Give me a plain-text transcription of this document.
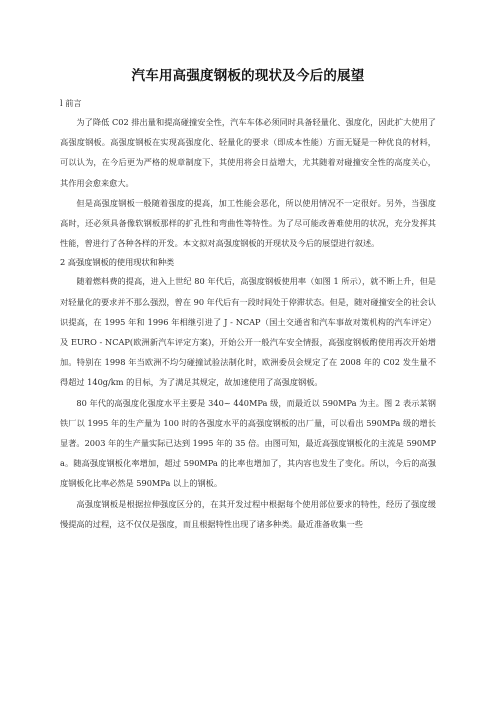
汽车用高强度钢板的现状及今后的展望
l 前言

为了降低 C02 排出量和提高碰撞安全性，汽车车体必须同时具备轻量化、强度化，因此扩大使用了高强度钢板。高强度钢板在实现高强度化、轻量化的要求（即成本性能）方面无疑是一种优良的材料，可以认为，在今后更为严格的规章制度下，其使用将会日益增大，尤其随着对碰撞安全性的高度关心，其作用会愈来愈大。

但是高强度钢板一般随着强度的提高，加工性能会恶化，所以使用情况不一定很好。另外，当强度高时，还必须具备像软钢板那样的扩孔性和弯曲性等特性。为了尽可能改善难使用的状况，充分发挥其性能，曾进行了各种各样的开发。本文拟对高强度钢板的开现状及今后的展望进行叙述。

2 高强度钢板的使用现状和种类

随着燃料费的提高，进入上世纪 80 年代后，高强度钢板使用率（如图 1 所示），就不断上升，但是对轻量化的要求并不那么强烈，曾在 90 年代后有一段时间处于停滞状态。但是，随对碰撞安全的社会认识提高，在 1995 年和 1996 年相继引进了 J - NCAP（国土交通省和汽车事故对策机构的汽车评定）及 EURO - NCAP(欧洲新汽车评定方案)，开始公开一般汽车安全情报，高强度钢板酌使用再次开始增加。特别在 1998 年当欧洲不均匀碰撞试验法制化时，欧洲委员会规定了在 2008 年的 C02 发生量不得超过 140g/km 的目标，为了满足其规定，故加速使用了高强度钢板。

80 年代的高强度化强度水平主要是 340~ 440MPa 级，而最近以 590MPa 为主。图 2 表示某钢铁厂以 1995 年的生产量为 100 时的各强度水平的高强度钢板的出厂量，可以看出 590MPa 级的增长显著。2003 年的生产量实际已达到 1995 年的 35 倍。由图可知，最近高强度钢板化的主流是 590MPa。随高强度钢板化率增加，超过 590MPa 的比率也增加了，其内容也发生了变化。所以，今后的高强度钢板化比率必然是 590MPa 以上的钢板。

高强度钢板是根据拉伸强度区分的，在其开发过程中根据每个使用部位要求的特性，经历了强度缓慢提高的过程，这不仅仅是强度，而且根据特性出现了诸多种类。最近准备收集一些
